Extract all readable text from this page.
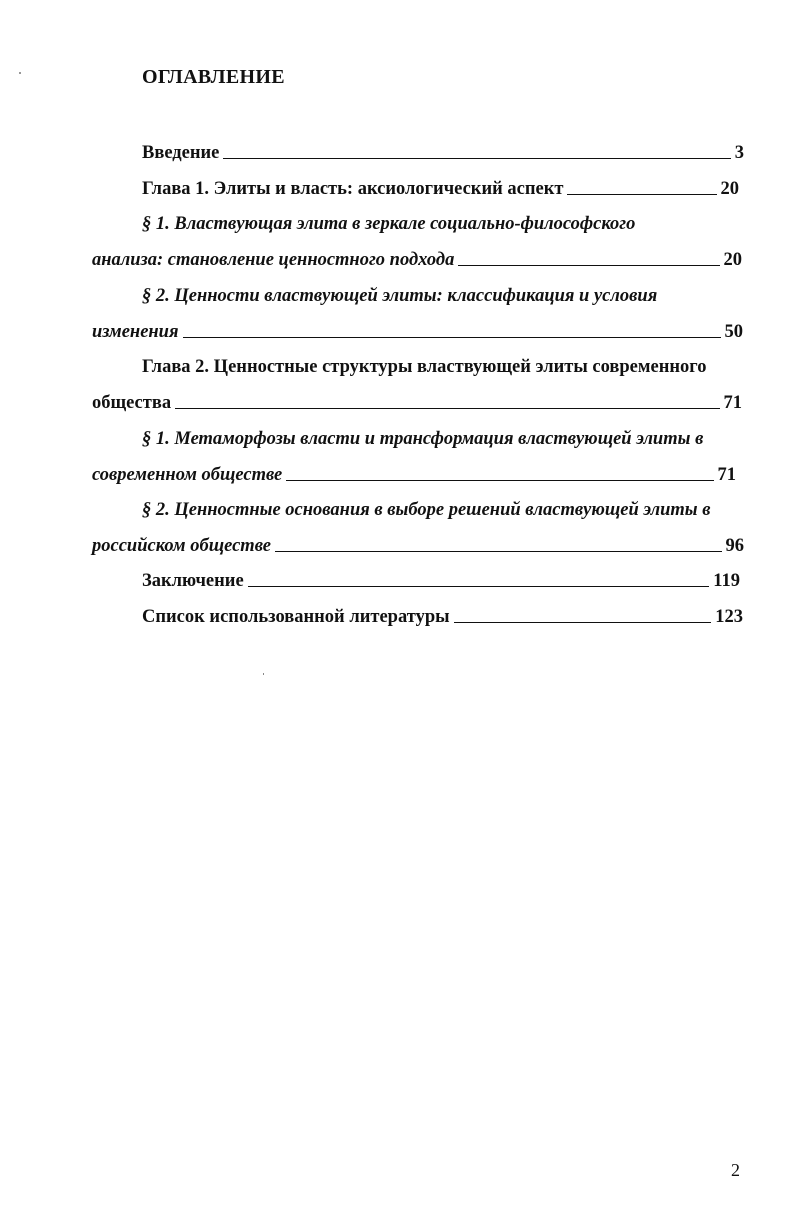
ОГЛАВЛЕНИЕ
Введение	3
Глава 1. Элиты и власть: аксиологический аспект	20
§ 1. Властвующая элита в зеркале социально-философского
анализа: становление ценностного подхода	20
§ 2. Ценности властвующей элиты: классификация и условия
изменения	50
Глава 2. Ценностные структуры властвующей элиты современного
общества	71
§ 1. Метаморфозы власти и трансформация властвующей элиты в
современном обществе	71
§ 2. Ценностные основания в выборе решений властвующей элиты в
российском обществе	96
Заключение	119
Список использованной литературы	123
2
